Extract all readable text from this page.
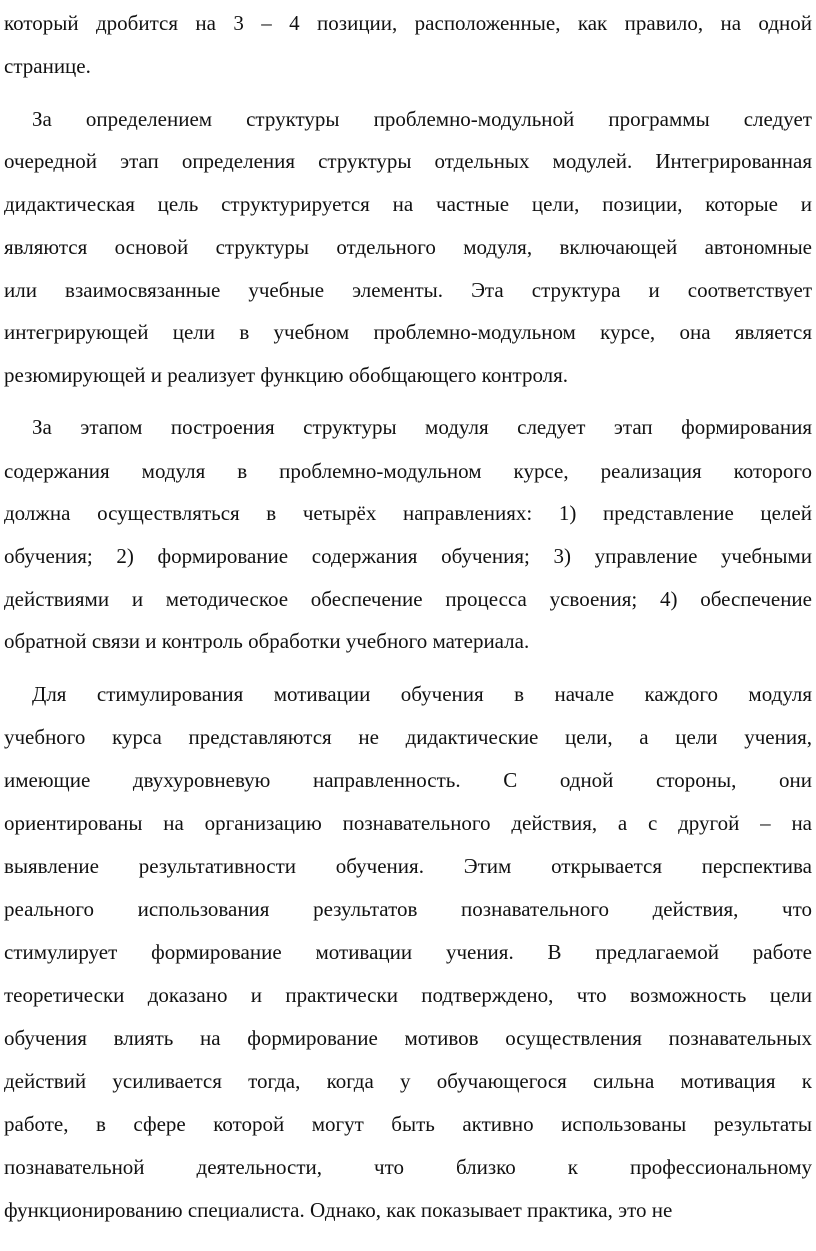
который дробится на 3 – 4 позиции, расположенные, как правило, на одной
странице.
За определением структуры проблемно-модульной программы следует
очередной этап определения структуры отдельных модулей. Интегрированная
дидактическая цель структурируется на частные цели, позиции, которые и
являются основой структуры отдельного модуля, включающей автономные
или взаимосвязанные учебные элементы. Эта структура и соответствует
интегрирующей цели в учебном проблемно-модульном курсе, она является
резюмирующей и реализует функцию обобщающего контроля.
За этапом построения структуры модуля следует этап формирования
содержания модуля в проблемно-модульном курсе, реализация которого
должна осуществляться в четырёх направлениях: 1) представление целей
обучения; 2) формирование содержания обучения; 3) управление учебными
действиями и методическое обеспечение процесса усвоения; 4) обеспечение
обратной связи и контроль обработки учебного материала.
Для стимулирования мотивации обучения в начале каждого модуля
учебного курса представляются не дидактические цели, а цели учения,
имеющие двухуровневую направленность. С одной стороны, они
ориентированы на организацию познавательного действия, а с другой – на
выявление результативности обучения. Этим открывается перспектива
реального использования результатов познавательного действия, что
стимулирует формирование мотивации учения. В предлагаемой работе
теоретически доказано и практически подтверждено, что возможность цели
обучения влиять на формирование мотивов осуществления познавательных
действий усиливается тогда, когда у обучающегося сильна мотивация к
работе, в сфере которой могут быть активно использованы результаты
познавательной деятельности, что близко к профессиональному
функционированию специалиста. Однако, как показывает практика, это не
